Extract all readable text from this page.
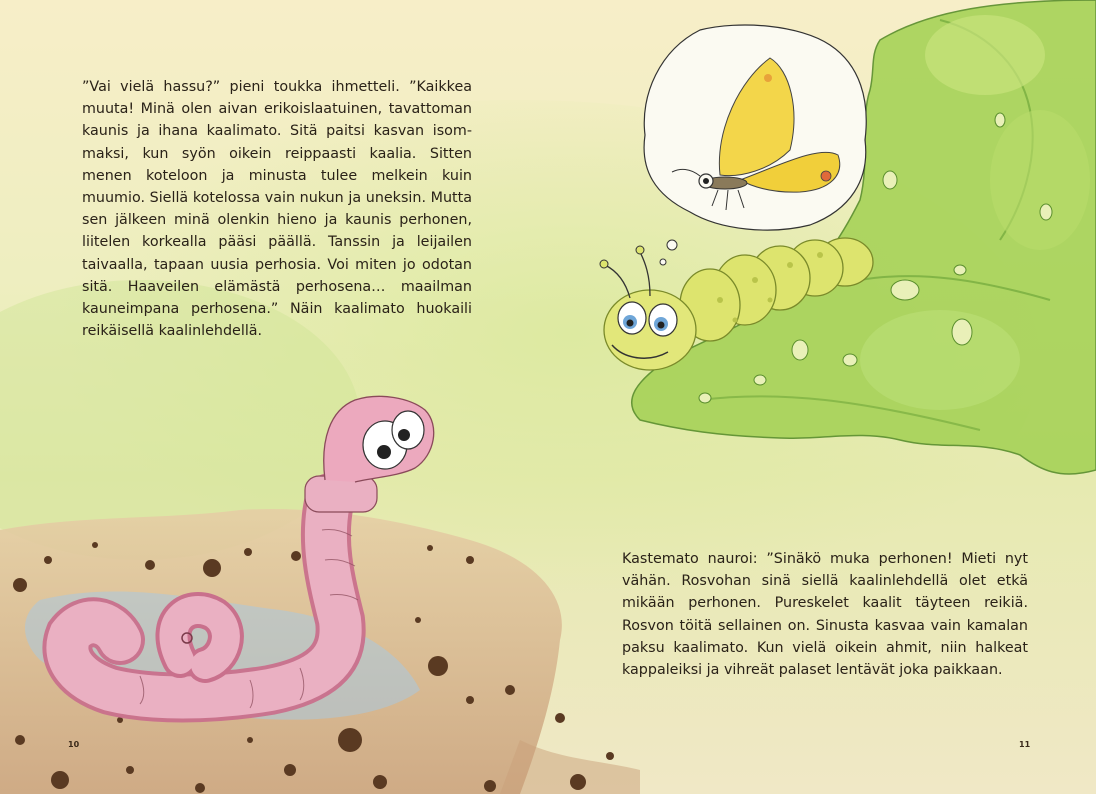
”Vai vielä hassu?” pieni toukka ihmetteli. ”Kaikkea muuta! Minä olen aivan erikoislaatuinen, tavattoman kaunis ja ihana kaalimato. Sitä paitsi kasvan isom-maksi, kun syön oikein reippaasti kaalia. Sitten menen koteloon ja minusta tulee melkein kuin muumio. Siellä kotelossa vain nukun ja uneksin. Mutta sen jälkeen minä olenkin hieno ja kaunis perhonen, liitelen korkealla pääsi päällä. Tanssin ja leijailen taivaalla, tapaan uusia perhosia. Voi miten jo odotan sitä. Haaveilen elämästä perhosena… maailman kauneimpana perhosena.” Näin kaalimato huokaili reikäisellä kaalinlehdellä.

Kastemato nauroi: ”Sinäkö muka perhonen! Mieti nyt vähän. Rosvohan sinä siellä kaalinlehdellä olet etkä mikään perhonen. Pureskelet kaalit täyteen reikiä. Rosvon töitä sellainen on. Sinusta kasvaa vain kamalan paksu kaalimato. Kun vielä oikein ahmit, niin halkeat kappaleiksi ja vihreät palaset lentävät joka paikkaan.

10	11
